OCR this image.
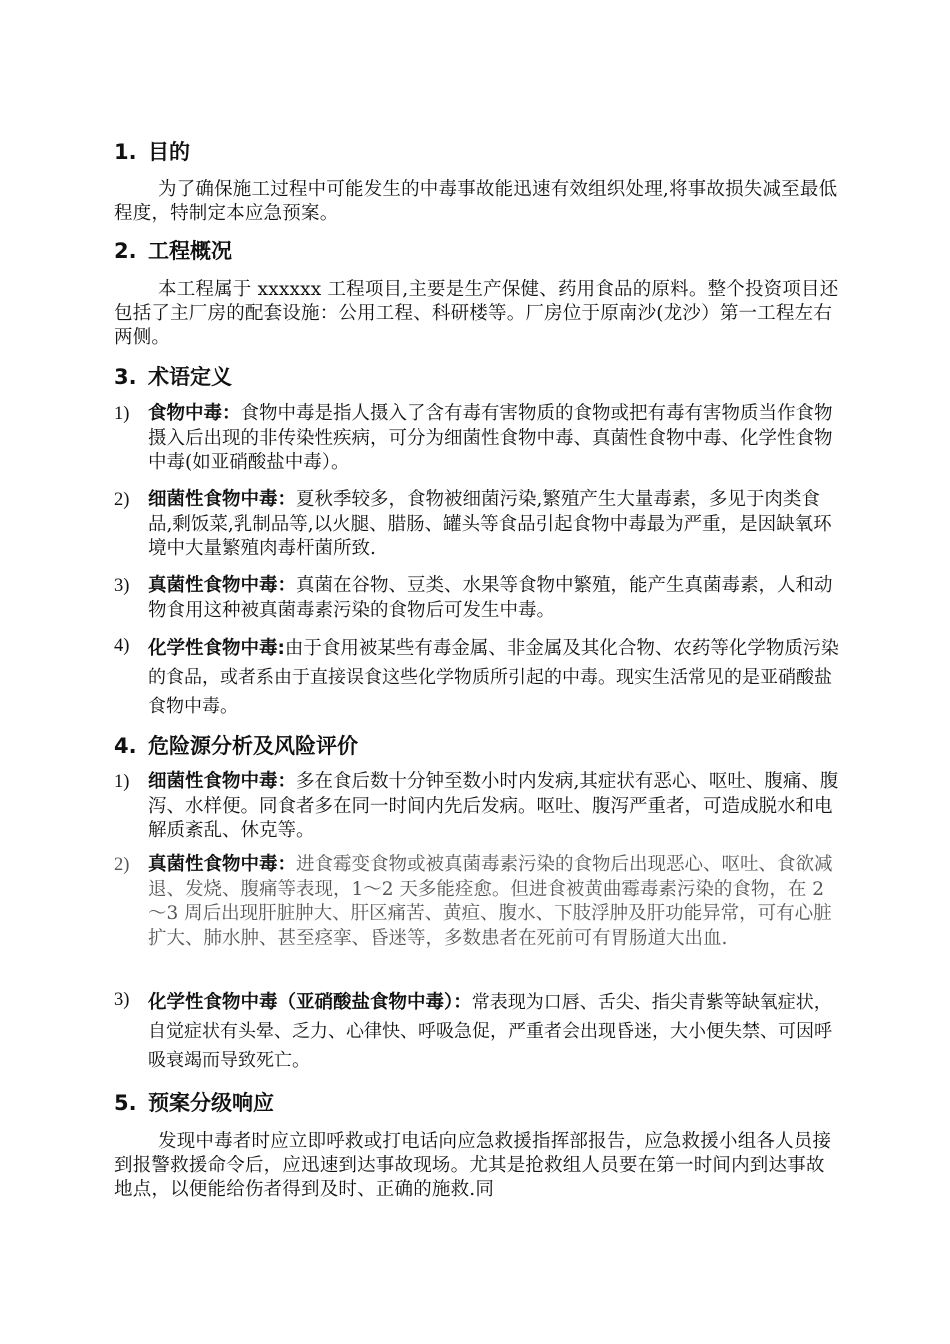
1. 目的
为了确保施工过程中可能发生的中毒事故能迅速有效组织处理,将事故损失减至最低程度，特制定本应急预案。
2. 工程概况
本工程属于 xxxxxx 工程项目,主要是生产保健、药用食品的原料。整个投资项目还包括了主厂房的配套设施：公用工程、科研楼等。厂房位于原南沙(龙沙）第一工程左右两侧。
3. 术语定义
1)	食物中毒：食物中毒是指人摄入了含有毒有害物质的食物或把有毒有害物质当作食物摄入后出现的非传染性疾病，可分为细菌性食物中毒、真菌性食物中毒、化学性食物中毒(如亚硝酸盐中毒）。
2)	细菌性食物中毒：夏秋季较多，食物被细菌污染,繁殖产生大量毒素，多见于肉类食品,剩饭菜,乳制品等,以火腿、腊肠、罐头等食品引起食物中毒最为严重，是因缺氧环境中大量繁殖肉毒杆菌所致.
3)	真菌性食物中毒：真菌在谷物、豆类、水果等食物中繁殖，能产生真菌毒素，人和动物食用这种被真菌毒素污染的食物后可发生中毒。
4)	化学性食物中毒:由于食用被某些有毒金属、非金属及其化合物、农药等化学物质污染的食品，或者系由于直接误食这些化学物质所引起的中毒。现实生活常见的是亚硝酸盐食物中毒。
4. 危险源分析及风险评价
1)	细菌性食物中毒：多在食后数十分钟至数小时内发病,其症状有恶心、呕吐、腹痛、腹泻、水样便。同食者多在同一时间内先后发病。呕吐、腹泻严重者，可造成脱水和电解质紊乱、休克等。
2)	真菌性食物中毒：进食霉变食物或被真菌毒素污染的食物后出现恶心、呕吐、食欲减退、发烧、腹痛等表现，1～2 天多能痊愈。但进食被黄曲霉毒素污染的食物，在 2～3 周后出现肝脏肿大、肝区痛苦、黄疸、腹水、下肢浮肿及肝功能异常，可有心脏扩大、肺水肿、甚至痉挛、昏迷等，多数患者在死前可有胃肠道大出血.
3)	化学性食物中毒（亚硝酸盐食物中毒）：常表现为口唇、舌尖、指尖青紫等缺氧症状，自觉症状有头晕、乏力、心律快、呼吸急促，严重者会出现昏迷，大小便失禁、可因呼吸衰竭而导致死亡。
5. 预案分级响应
发现中毒者时应立即呼救或打电话向应急救援指挥部报告，应急救援小组各人员接到报警救援命令后，应迅速到达事故现场。尤其是抢救组人员要在第一时间内到达事故地点，以便能给伤者得到及时、正确的施救.同
